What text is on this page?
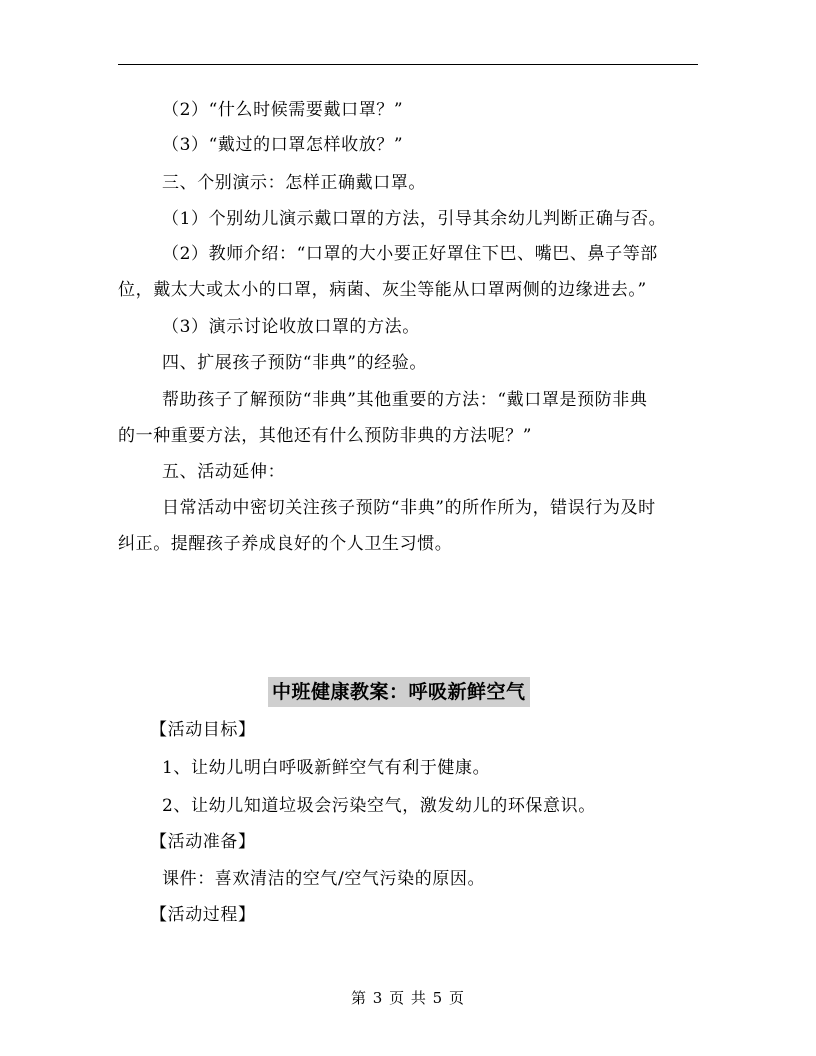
（2）“什么时候需要戴口罩？”
（3）“戴过的口罩怎样收放？”
三、个别演示：怎样正确戴口罩。
（1）个别幼儿演示戴口罩的方法，引导其余幼儿判断正确与否。
（2）教师介绍：“口罩的大小要正好罩住下巴、嘴巴、鼻子等部
位，戴太大或太小的口罩，病菌、灰尘等能从口罩两侧的边缘进去。”
（3）演示讨论收放口罩的方法。
四、扩展孩子预防“非典”的经验。
帮助孩子了解预防“非典”其他重要的方法：“戴口罩是预防非典
的一种重要方法，其他还有什么预防非典的方法呢？”
五、活动延伸：
日常活动中密切关注孩子预防“非典”的所作所为，错误行为及时
纠正。提醒孩子养成良好的个人卫生习惯。
中班健康教案：呼吸新鲜空气
【活动目标】
1、让幼儿明白呼吸新鲜空气有利于健康。
2、让幼儿知道垃圾会污染空气，激发幼儿的环保意识。
【活动准备】
课件：喜欢清洁的空气/空气污染的原因。
【活动过程】
第 3 页 共 5 页
